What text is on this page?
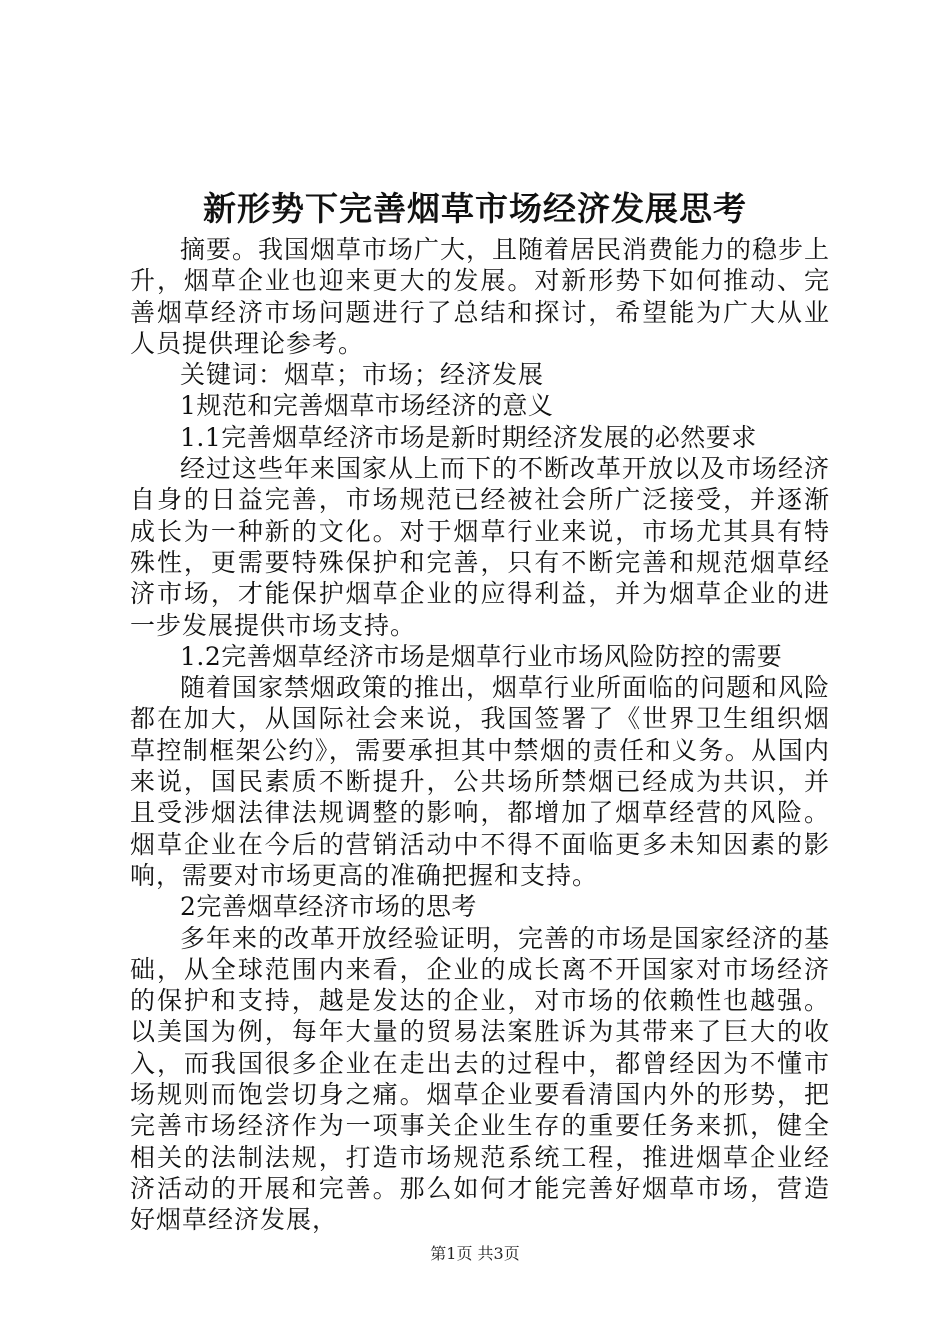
新形势下完善烟草市场经济发展思考

摘要。我国烟草市场广大，且随着居民消费能力的稳步上升，烟草企业也迎来更大的发展。对新形势下如何推动、完善烟草经济市场问题进行了总结和探讨，希望能为广大从业人员提供理论参考。

关键词：烟草；市场；经济发展

1规范和完善烟草市场经济的意义

1.1完善烟草经济市场是新时期经济发展的必然要求

经过这些年来国家从上而下的不断改革开放以及市场经济自身的日益完善，市场规范已经被社会所广泛接受，并逐渐成长为一种新的文化。对于烟草行业来说，市场尤其具有特殊性，更需要特殊保护和完善，只有不断完善和规范烟草经济市场，才能保护烟草企业的应得利益，并为烟草企业的进一步发展提供市场支持。

1.2完善烟草经济市场是烟草行业市场风险防控的需要

随着国家禁烟政策的推出，烟草行业所面临的问题和风险都在加大，从国际社会来说，我国签署了《世界卫生组织烟草控制框架公约》，需要承担其中禁烟的责任和义务。从国内来说，国民素质不断提升，公共场所禁烟已经成为共识，并且受涉烟法律法规调整的影响，都增加了烟草经营的风险。烟草企业在今后的营销活动中不得不面临更多未知因素的影响，需要对市场更高的准确把握和支持。

2完善烟草经济市场的思考

多年来的改革开放经验证明，完善的市场是国家经济的基础，从全球范围内来看，企业的成长离不开国家对市场经济的保护和支持，越是发达的企业，对市场的依赖性也越强。以美国为例，每年大量的贸易法案胜诉为其带来了巨大的收入，而我国很多企业在走出去的过程中，都曾经因为不懂市场规则而饱尝切身之痛。烟草企业要看清国内外的形势，把完善市场经济作为一项事关企业生存的重要任务来抓，健全相关的法制法规，打造市场规范系统工程，推进烟草企业经济活动的开展和完善。那么如何才能完善好烟草市场，营造好烟草经济发展，

第1页 共3页
